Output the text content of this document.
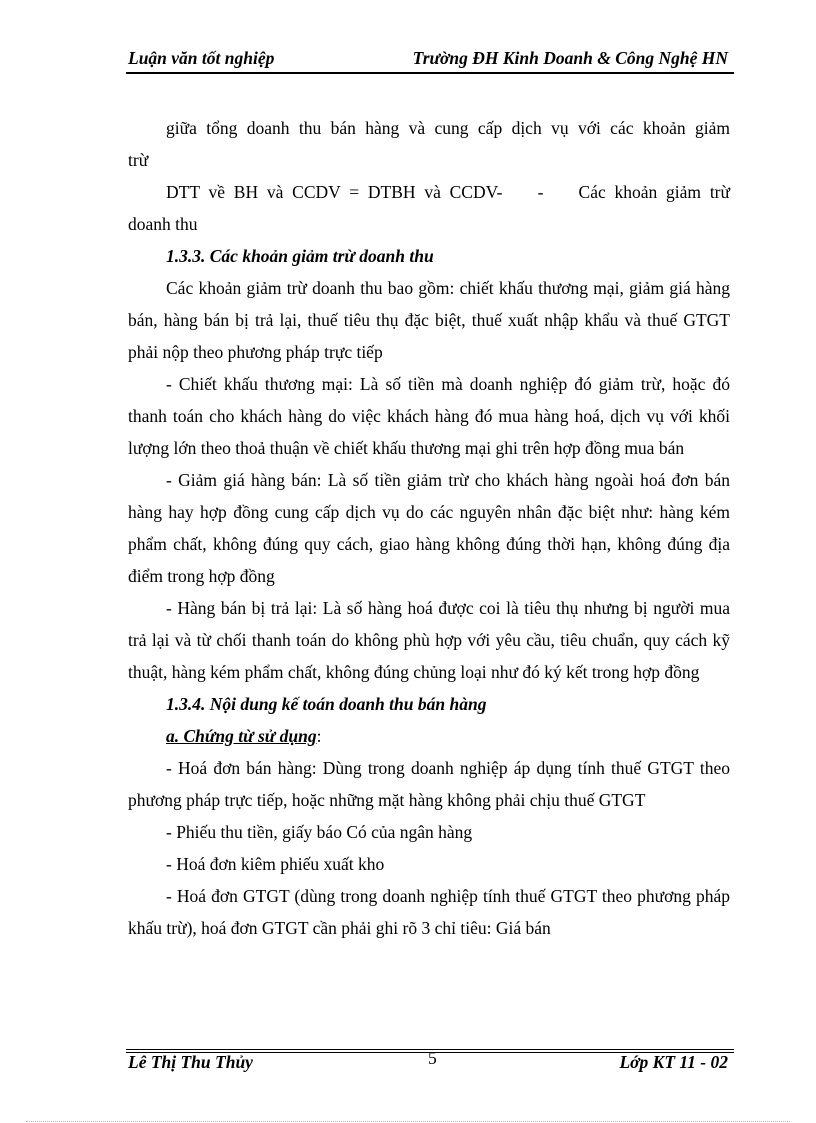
Luận văn tốt nghiệp	Trường ĐH Kinh Doanh & Công Nghệ HN

giữa tổng doanh thu bán hàng và cung cấp dịch vụ với các khoản giảm

trừ

DTT về BH và CCDV = DTBH và CCDV-    -    Các khoản giảm trừ

doanh thu

1.3.3. Các khoản giảm trừ doanh thu

Các khoản giảm trừ doanh thu bao gồm: chiết khấu thương mại, giảm giá hàng bán, hàng bán bị trả lại, thuế tiêu thụ đặc biệt, thuế xuất nhập khẩu và thuế GTGT phải nộp theo phương pháp trực tiếp

- Chiết khấu thương mại: Là số tiền mà doanh nghiệp đó giảm trừ, hoặc đó thanh toán cho khách hàng do việc khách hàng đó mua hàng hoá, dịch vụ với khối lượng lớn theo thoả thuận về chiết khấu thương mại ghi trên hợp đồng mua bán

- Giảm giá hàng bán: Là số tiền giảm trừ cho khách hàng ngoài hoá đơn bán hàng hay hợp đồng cung cấp dịch vụ do các nguyên nhân đặc biệt như: hàng kém phẩm chất, không đúng quy cách, giao hàng không đúng thời hạn, không đúng địa điểm trong hợp đồng

- Hàng bán bị trả lại: Là số hàng hoá được coi là tiêu thụ nhưng bị người mua trả lại và từ chối thanh toán do không phù hợp với yêu cầu, tiêu chuẩn, quy cách kỹ thuật, hàng kém phẩm chất, không đúng chủng loại như đó ký kết trong hợp đồng

1.3.4. Nội dung kế toán doanh thu bán hàng

a. Chứng từ sử dụng:

- Hoá đơn bán hàng: Dùng trong doanh nghiệp áp dụng tính thuế GTGT theo phương pháp trực tiếp, hoặc những mặt hàng không phải chịu thuế GTGT

- Phiếu thu tiền, giấy báo Có của ngân hàng

- Hoá đơn kiêm phiếu xuất kho

- Hoá đơn GTGT (dùng trong doanh nghiệp tính thuế GTGT theo phương pháp khấu trừ), hoá đơn GTGT cần phải ghi rõ 3 chỉ tiêu: Giá bán

Lê Thị Thu Thủy	5	Lớp KT 11 - 02
